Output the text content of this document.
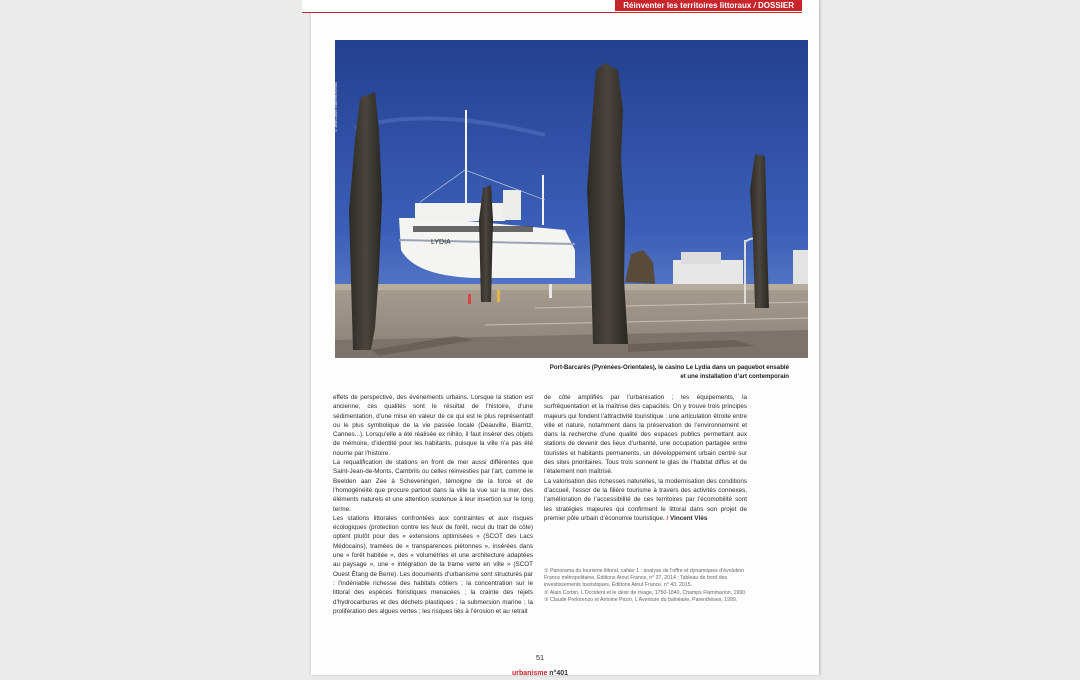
LYDIA
© Jean-Marc Barrère/Hemis
Port-Barcarès (Pyrénées-Orientales), le casino Le Lydia dans un paquebot ensablé
et une installation d’art contemporain

effets de perspective, des événements urbains. Lorsque la station est ancienne, ces qualités sont le résultat de l’histoire, d’une sédimentation, d’une mise en valeur de ce qui est le plus représentatif ou le plus symbolique de la vie passée locale (Deauville, Biarritz, Cannes...). Lorsqu’elle a été réalisée ex nihilo, il faut insérer des objets de mémoire, d’identité pour les habitants, puisque la ville n’a pas été nourrie par l’histoire.

La requalification de stations en front de mer aussi différentes que Saint-Jean-de-Monts, Cambrils ou celles réinvesties par l’art, comme le Beelden aan Zee à Scheveningen, témoigne de la force et de l’homogénéité que procure partout dans la ville la vue sur la mer, des éléments naturels et une attention soutenue à leur insertion sur le long terme.

Les stations littorales confrontées aux contraintes et aux risques écologiques (protection contre les feux de forêt, recul du trait de côte) optent plutôt pour des « extensions optimisées » (SCOT des Lacs Médocains), tramées de « transparences piétonnes », insérées dans une « forêt habitée », des « volumétries et une architecture adaptées au paysage », une « intégration de la trame verte en ville » (SCOT Ouest Étang de Berre). Les documents d’urbanisme sont structurés par : l’indéniable richesse des habitats côtiers ; la concentration sur le littoral des espèces floristiques menacées ; la crainte des rejets d’hydrocarbures et des déchets plastiques ; la submersion marine ; la prolifération des algues vertes ; les risques liés à l’érosion et au retrait

de côte amplifiés par l’urbanisation ; les équipements, la surfréquentation et la maîtrise des capacités. On y trouve trois principes majeurs qui fondent l’attractivité touristique : une articulation étroite entre ville et nature, notamment dans la préservation de l’environnement et dans la recherche d’une qualité des espaces publics permettant aux stations de devenir des lieux d’urbanité, une occupation partagée entre touristes et habitants permanents, un développement urbain centré sur des sites prioritaires. Tous trois sonnent le glas de l’habitat diffus et de l’étalement non maîtrisé.

La valorisation des richesses naturelles, la modernisation des conditions d’accueil, l’essor de la filière tourisme à travers des activités connexes, l’amélioration de l’accessibilité de ces territoires par l’écomobilité sont les stratégies majeures qui confirment le littoral dans son projet de premier pôle urbain d’économie touristique. / Vincent Vlès

① Panorama du tourisme littoral, cahier 1 : analyse de l’offre et dynamiques d’évolution France métropolitaine, Éditions Atout France, n° 37, 2014 ; Tableau de bord des investissements touristiques, Éditions Atout France, n° 43, 2015.

② Alain Corbin, L’Occident et le désir de rivage, 1750-1840, Champs Flammarion, 1990.

③ Claude Prelorenzo et Antoine Picon, L’Aventure du balnéaire, Parenthèses, 1999.

51
urbanisme n°401
Réinventer les territoires littoraux / DOSSIER
